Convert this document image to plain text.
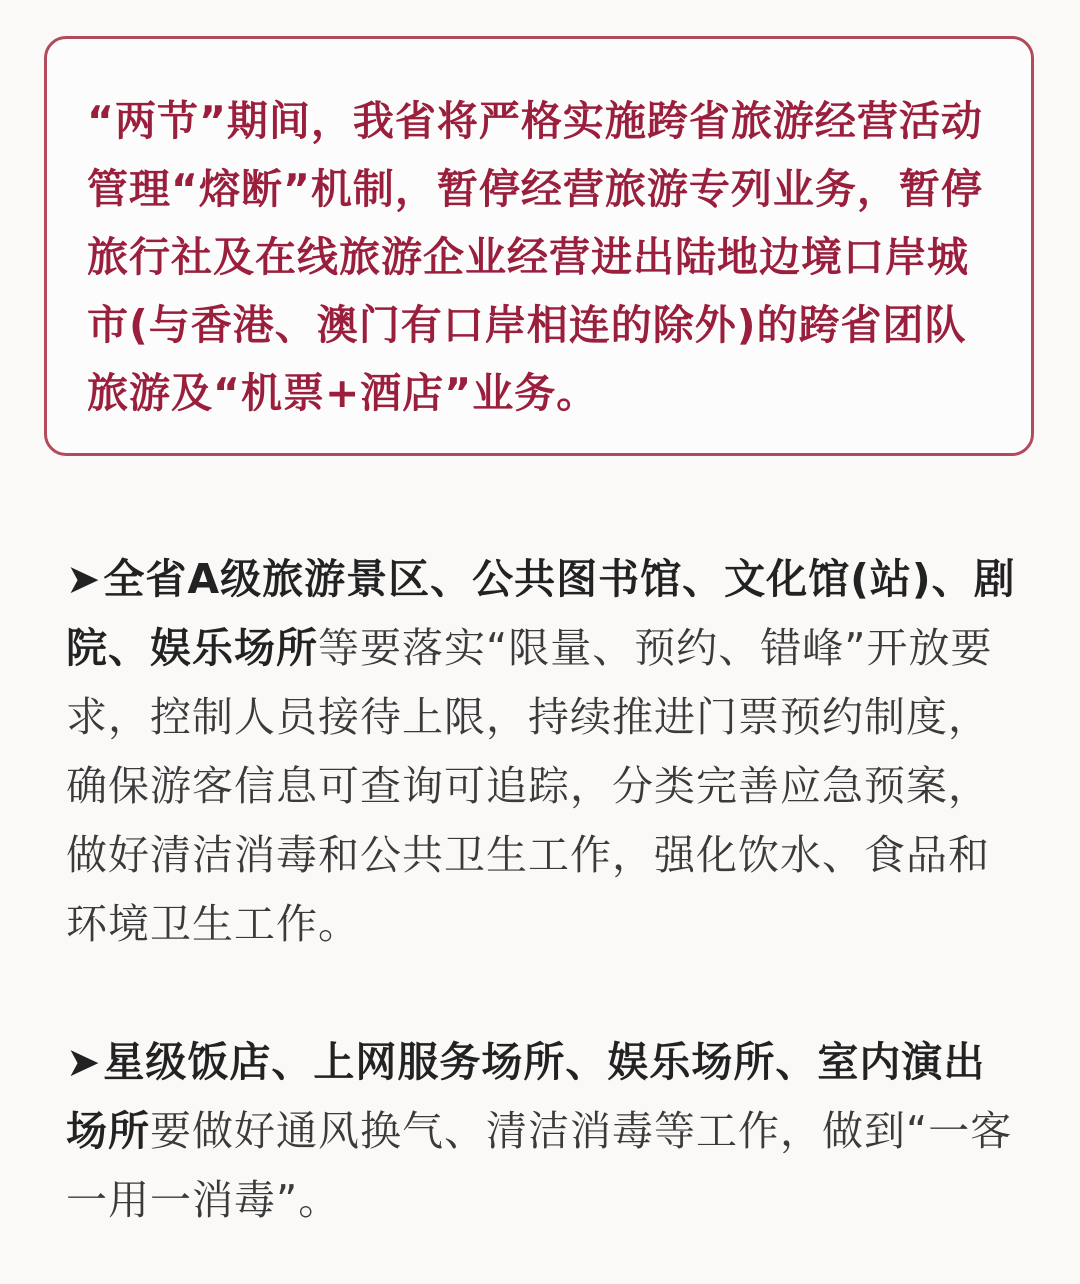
“两节”期间，我省将严格实施跨省旅游经营活动管理“熔断”机制，暂停经营旅游专列业务，暂停旅行社及在线旅游企业经营进出陆地边境口岸城市(与香港、澳门有口岸相连的除外)的跨省团队旅游及“机票+酒店”业务。

➤全省A级旅游景区、公共图书馆、文化馆(站)、剧院、娱乐场所等要落实“限量、预约、错峰”开放要求，控制人员接待上限，持续推进门票预约制度，确保游客信息可查询可追踪，分类完善应急预案，做好清洁消毒和公共卫生工作，强化饮水、食品和环境卫生工作。

➤星级饭店、上网服务场所、娱乐场所、室内演出场所要做好通风换气、清洁消毒等工作，做到“一客一用一消毒”。
